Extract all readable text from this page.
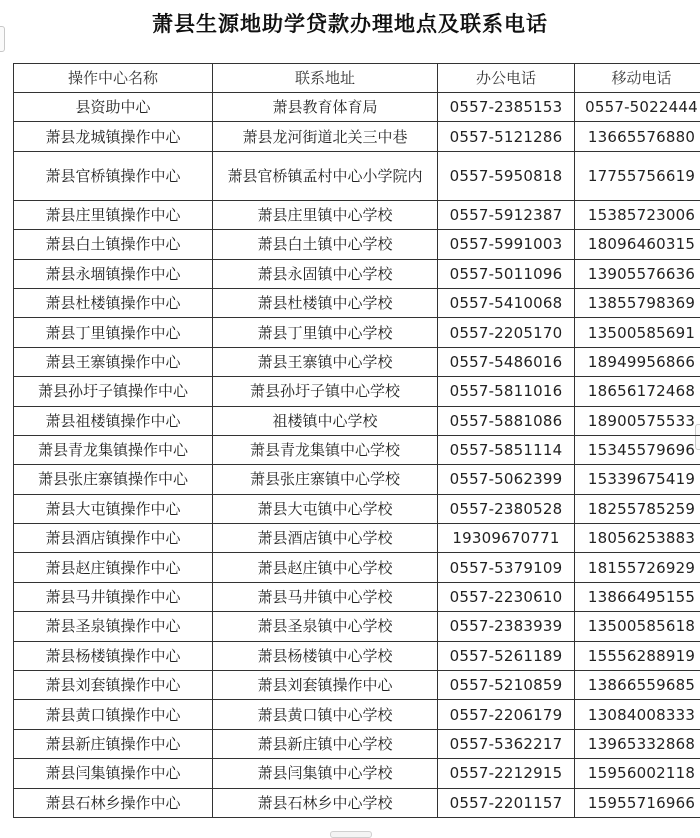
萧县生源地助学贷款办理地点及联系电话
操作中心名称	联系地址	办公电话	移动电话
县资助中心	萧县教育体育局	0557-2385153	0557-5022444
萧县龙城镇操作中心	萧县龙河街道北关三中巷	0557-5121286	13665576880
萧县官桥镇操作中心	萧县官桥镇孟村中心小学院内	0557-5950818	17755756619
萧县庄里镇操作中心	萧县庄里镇中心学校	0557-5912387	15385723006
萧县白土镇操作中心	萧县白土镇中心学校	0557-5991003	18096460315
萧县永堌镇操作中心	萧县永固镇中心学校	0557-5011096	13905576636
萧县杜楼镇操作中心	萧县杜楼镇中心学校	0557-5410068	13855798369
萧县丁里镇操作中心	萧县丁里镇中心学校	0557-2205170	13500585691
萧县王寨镇操作中心	萧县王寨镇中心学校	0557-5486016	18949956866
萧县孙圩子镇操作中心	萧县孙圩子镇中心学校	0557-5811016	18656172468
萧县祖楼镇操作中心	祖楼镇中心学校	0557-5881086	18900575533
萧县青龙集镇操作中心	萧县青龙集镇中心学校	0557-5851114	15345579696
萧县张庄寨镇操作中心	萧县张庄寨镇中心学校	0557-5062399	15339675419
萧县大屯镇操作中心	萧县大屯镇中心学校	0557-2380528	18255785259
萧县酒店镇操作中心	萧县酒店镇中心学校	19309670771	18056253883
萧县赵庄镇操作中心	萧县赵庄镇中心学校	0557-5379109	18155726929
萧县马井镇操作中心	萧县马井镇中心学校	0557-2230610	13866495155
萧县圣泉镇操作中心	萧县圣泉镇中心学校	0557-2383939	13500585618
萧县杨楼镇操作中心	萧县杨楼镇中心学校	0557-5261189	15556288919
萧县刘套镇操作中心	萧县刘套镇操作中心	0557-5210859	13866559685
萧县黄口镇操作中心	萧县黄口镇中心学校	0557-2206179	13084008333
萧县新庄镇操作中心	萧县新庄镇中心学校	0557-5362217	13965332868
萧县闫集镇操作中心	萧县闫集镇中心学校	0557-2212915	15956002118
萧县石林乡操作中心	萧县石林乡中心学校	0557-2201157	15955716966
